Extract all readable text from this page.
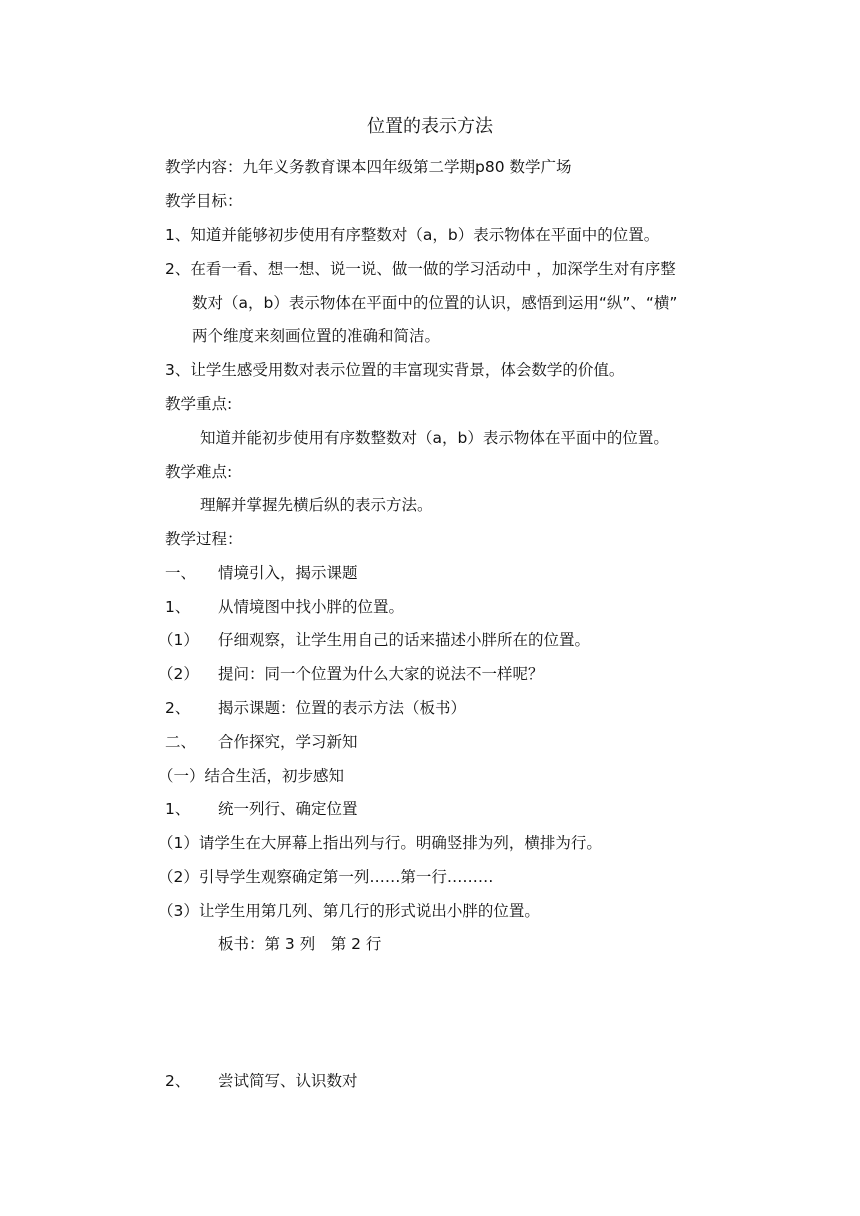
位置的表示方法
教学内容：九年义务教育课本四年级第二学期p80 数学广场
教学目标：
1、知道并能够初步使用有序整数对（a，b）表示物体在平面中的位置。
2、在看一看、想一想、说一说、做一做的学习活动中 ，加深学生对有序整
数对（a，b）表示物体在平面中的位置的认识，感悟到运用“纵”、“横”
两个维度来刻画位置的准确和简洁。
3、让学生感受用数对表示位置的丰富现实背景，体会数学的价值。
教学重点:
知道并能初步使用有序数整数对（a，b）表示物体在平面中的位置。
教学难点:
理解并掌握先横后纵的表示方法。
教学过程：
一、 情境引入，揭示课题
1、 从情境图中找小胖的位置。
（1） 仔细观察，让学生用自己的话来描述小胖所在的位置。
（2） 提问：同一个位置为什么大家的说法不一样呢？
2、 揭示课题：位置的表示方法（板书）
二、 合作探究，学习新知
（一）结合生活，初步感知
1、 统一列行、确定位置
（1）请学生在大屏幕上指出列与行。明确竖排为列，横排为行。
（2）引导学生观察确定第一列……第一行………
（3）让学生用第几列、第几行的形式说出小胖的位置。
板书：第 3 列　第 2 行
2、 尝试简写、认识数对
